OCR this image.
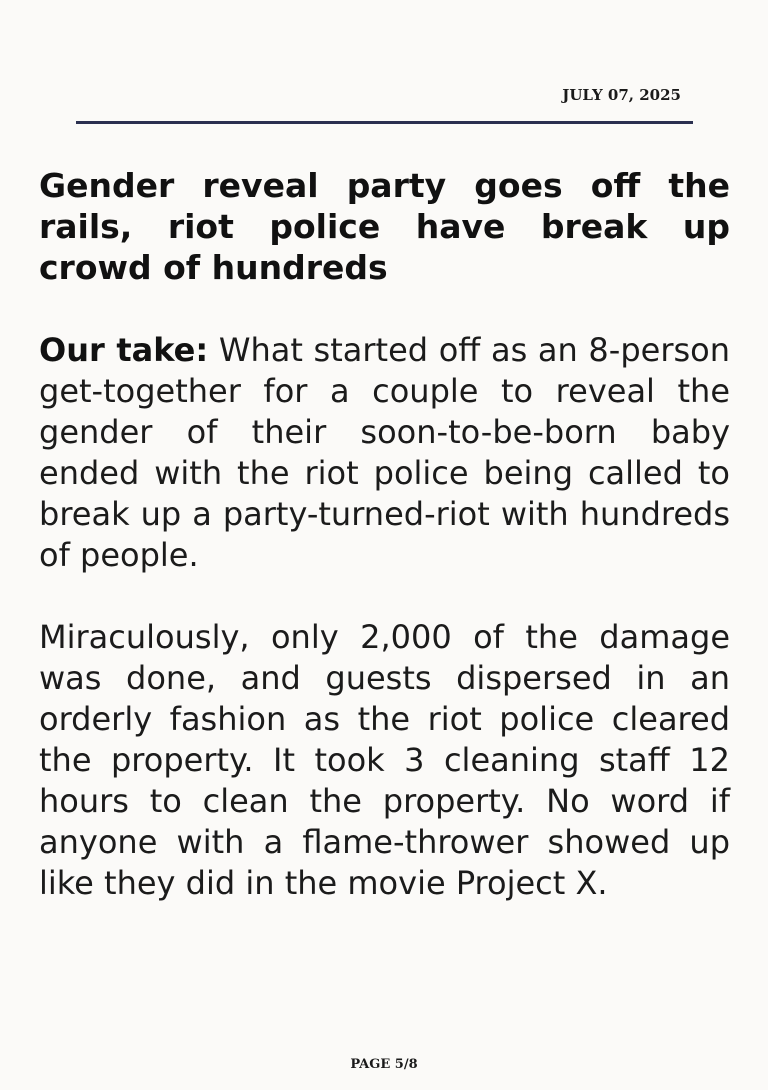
JULY 07, 2025
Gender reveal party goes off the rails, riot police have break up crowd of hundreds

Our take: What started off as an 8-person get-together for a couple to reveal the gender of their soon-to-be-born baby ended with the riot police being called to break up a party-turned-riot with hundreds of people.

Miraculously, only 2,000 of the damage was done, and guests dispersed in an orderly fashion as the riot police cleared the property. It took 3 cleaning staff 12 hours to clean the property. No word if anyone with a flame-thrower showed up like they did in the movie Project X.

PAGE 5/8
